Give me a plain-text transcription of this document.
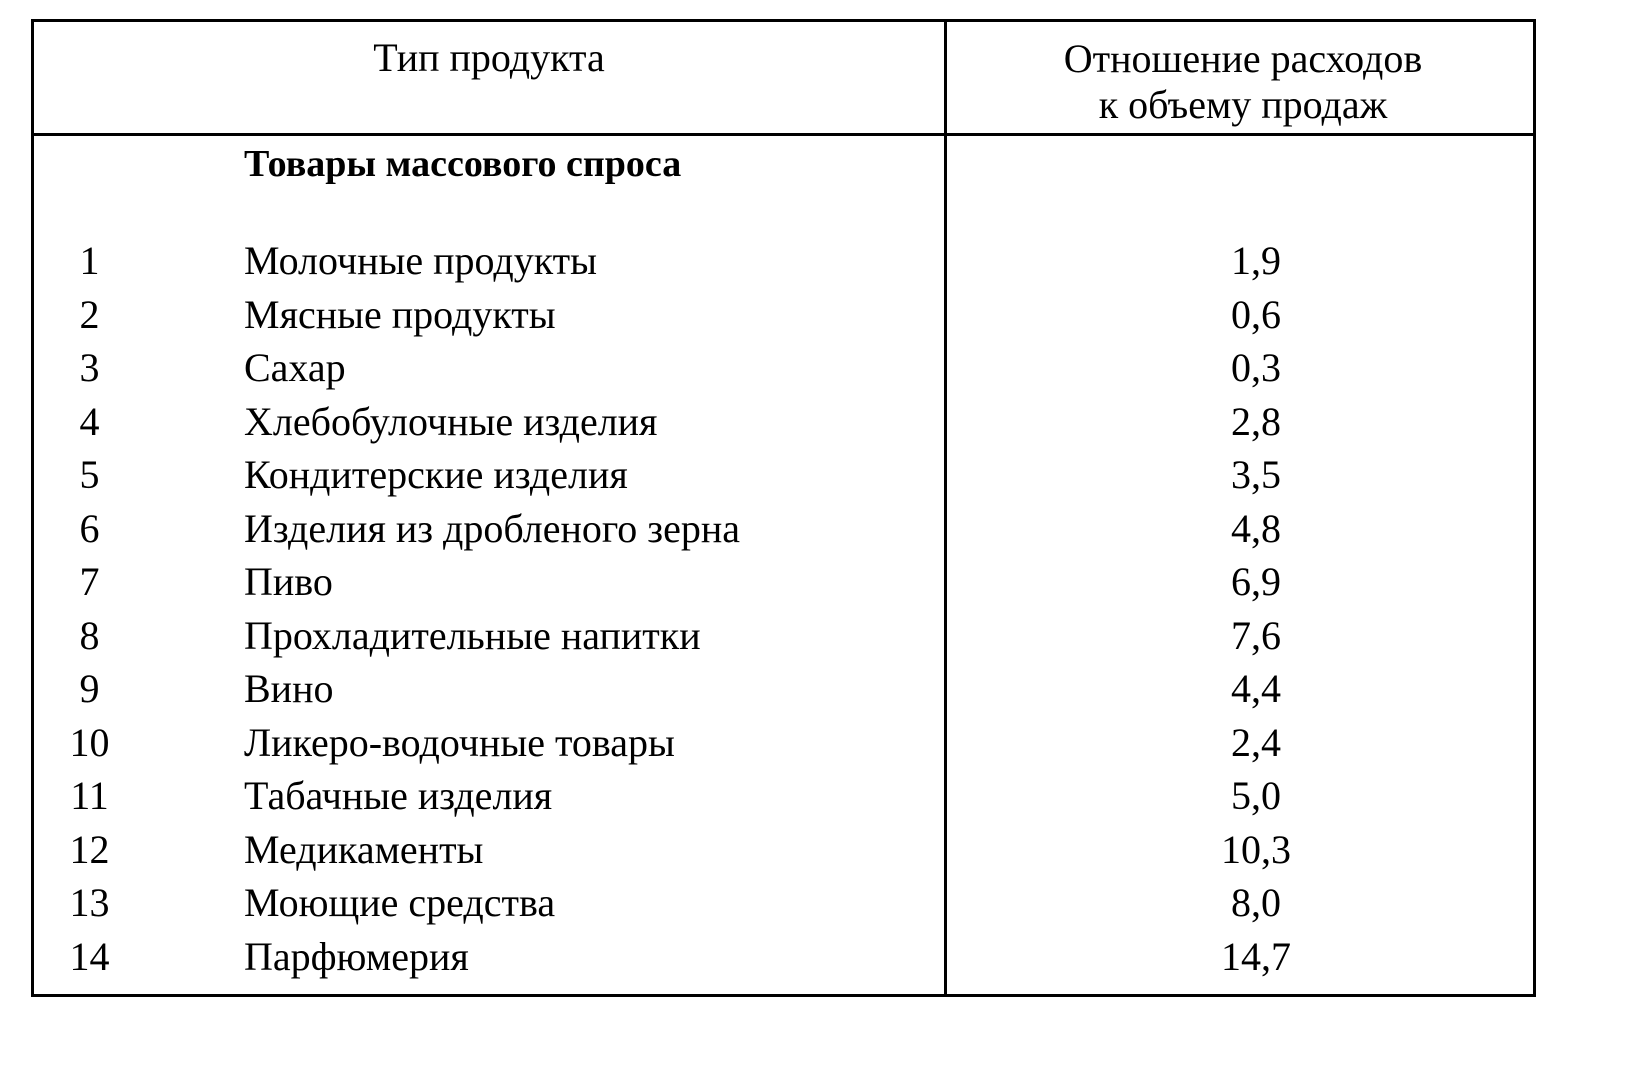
Тип продукта	Отношение расходов
к объему продаж
Товары массового спроса
1	Молочные продукты	1,9
2	Мясные продукты	0,6
3	Сахар	0,3
4	Хлебобулочные изделия	2,8
5	Кондитерские изделия	3,5
6	Изделия из дробленого зерна	4,8
7	Пиво	6,9
8	Прохладительные напитки	7,6
9	Вино	4,4
10	Ликеро-водочные товары	2,4
11	Табачные изделия	5,0
12	Медикаменты	10,3
13	Моющие средства	8,0
14	Парфюмерия	14,7
